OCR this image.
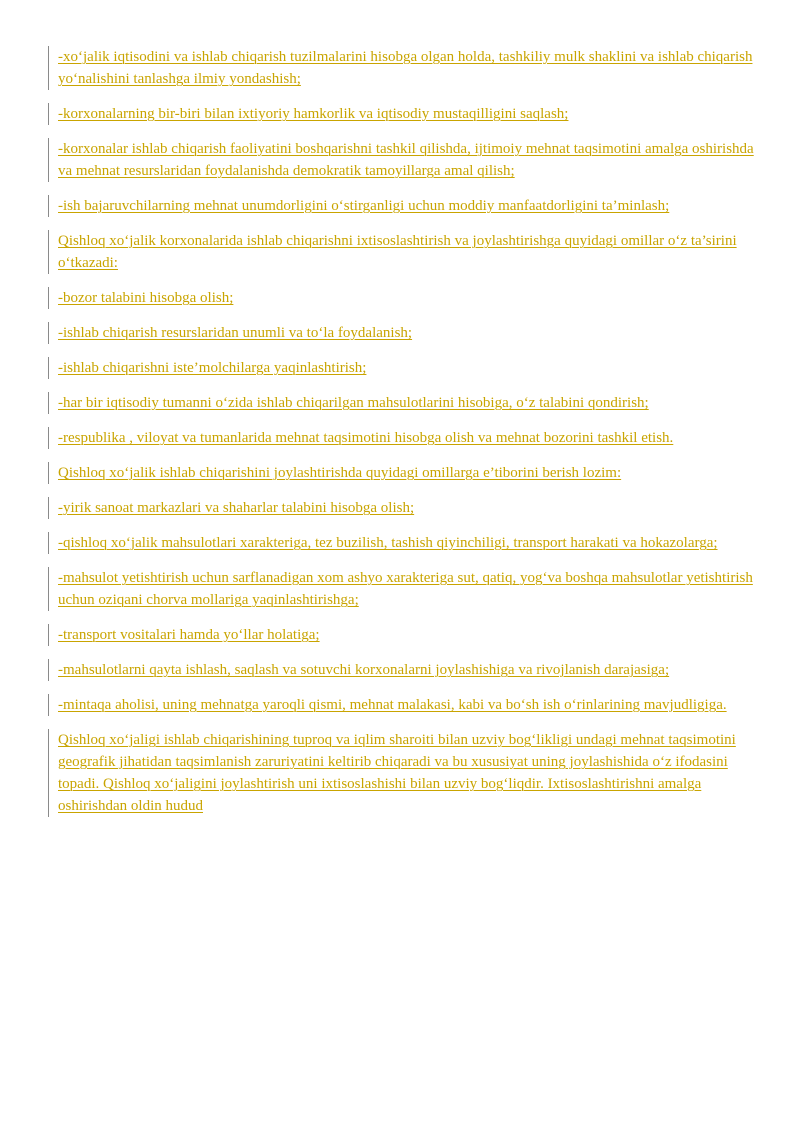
-xo‘jalik iqtisodini va ishlab chiqarish tuzilmalarini hisobga olgan holda, tashkiliy mulk shaklini va ishlab chiqarish yo‘nalishini tanlashga ilmiy yondashish;

-korxonalarning bir-biri bilan ixtiyoriy hamkorlik va iqtisodiy mustaqilligini saqlash;

-korxonalar ishlab chiqarish faoliyatini boshqarishni tashkil qilishda, ijtimoiy mehnat taqsimotini amalga oshirishda va mehnat resurslaridan foydalanishda demokratik tamoyillarga amal qilish;

-ish bajaruvchilarning mehnat unumdorligini o‘stirganligi uchun moddiy manfaatdorligini ta’minlash;

Qishloq xo‘jalik korxonalarida ishlab chiqarishni ixtisoslashtirish va joylashtirishga quyidagi omillar o‘z ta’sirini o‘tkazadi:

-bozor talabini hisobga olish;

-ishlab chiqarish resurslaridan unumli va to‘la foydalanish;

-ishlab chiqarishni iste’molchilarga yaqinlashtirish;

-har bir iqtisodiy tumanni o‘zida ishlab chiqarilgan mahsulotlarini hisobiga, o‘z talabini qondirish;

-respublika , viloyat va tumanlarida mehnat taqsimotini hisobga olish va mehnat bozorini tashkil etish.

Qishloq xo‘jalik ishlab chiqarishini joylashtirishda quyidagi omillarga e’tiborini berish lozim:

-yirik sanoat markazlari va shaharlar talabini hisobga olish;

-qishloq xo‘jalik mahsulotlari xarakteriga, tez buzilish, tashish qiyinchiligi, transport harakati va hokazolarga;

-mahsulot yetishtirish uchun sarflanadigan xom ashyo xarakteriga sut, qatiq, yog‘va boshqa mahsulotlar yetishtirish uchun oziqani chorva mollariga yaqinlashtirishga;

-transport vositalari hamda yo‘llar holatiga;

-mahsulotlarni qayta ishlash, saqlash va sotuvchi korxonalarni joylashishiga va rivojlanish darajasiga;

-mintaqa aholisi, uning mehnatga yaroqli qismi, mehnat malakasi, kabi va bo‘sh ish o‘rinlarining mavjudligiga.

Qishloq xo‘jaligi ishlab chiqarishining tuproq va iqlim sharoiti bilan uzviy bog‘likligi undagi mehnat taqsimotini geografik jihatidan taqsimlanish zaruriyatini keltirib chiqaradi va bu xususiyat uning joylashishida o‘z ifodasini topadi. Qishloq xo‘jaligini joylashtirish uni ixtisoslashishi bilan uzviy bog‘liqdir. Ixtisoslashtirishni amalga oshirishdan oldin hudud
